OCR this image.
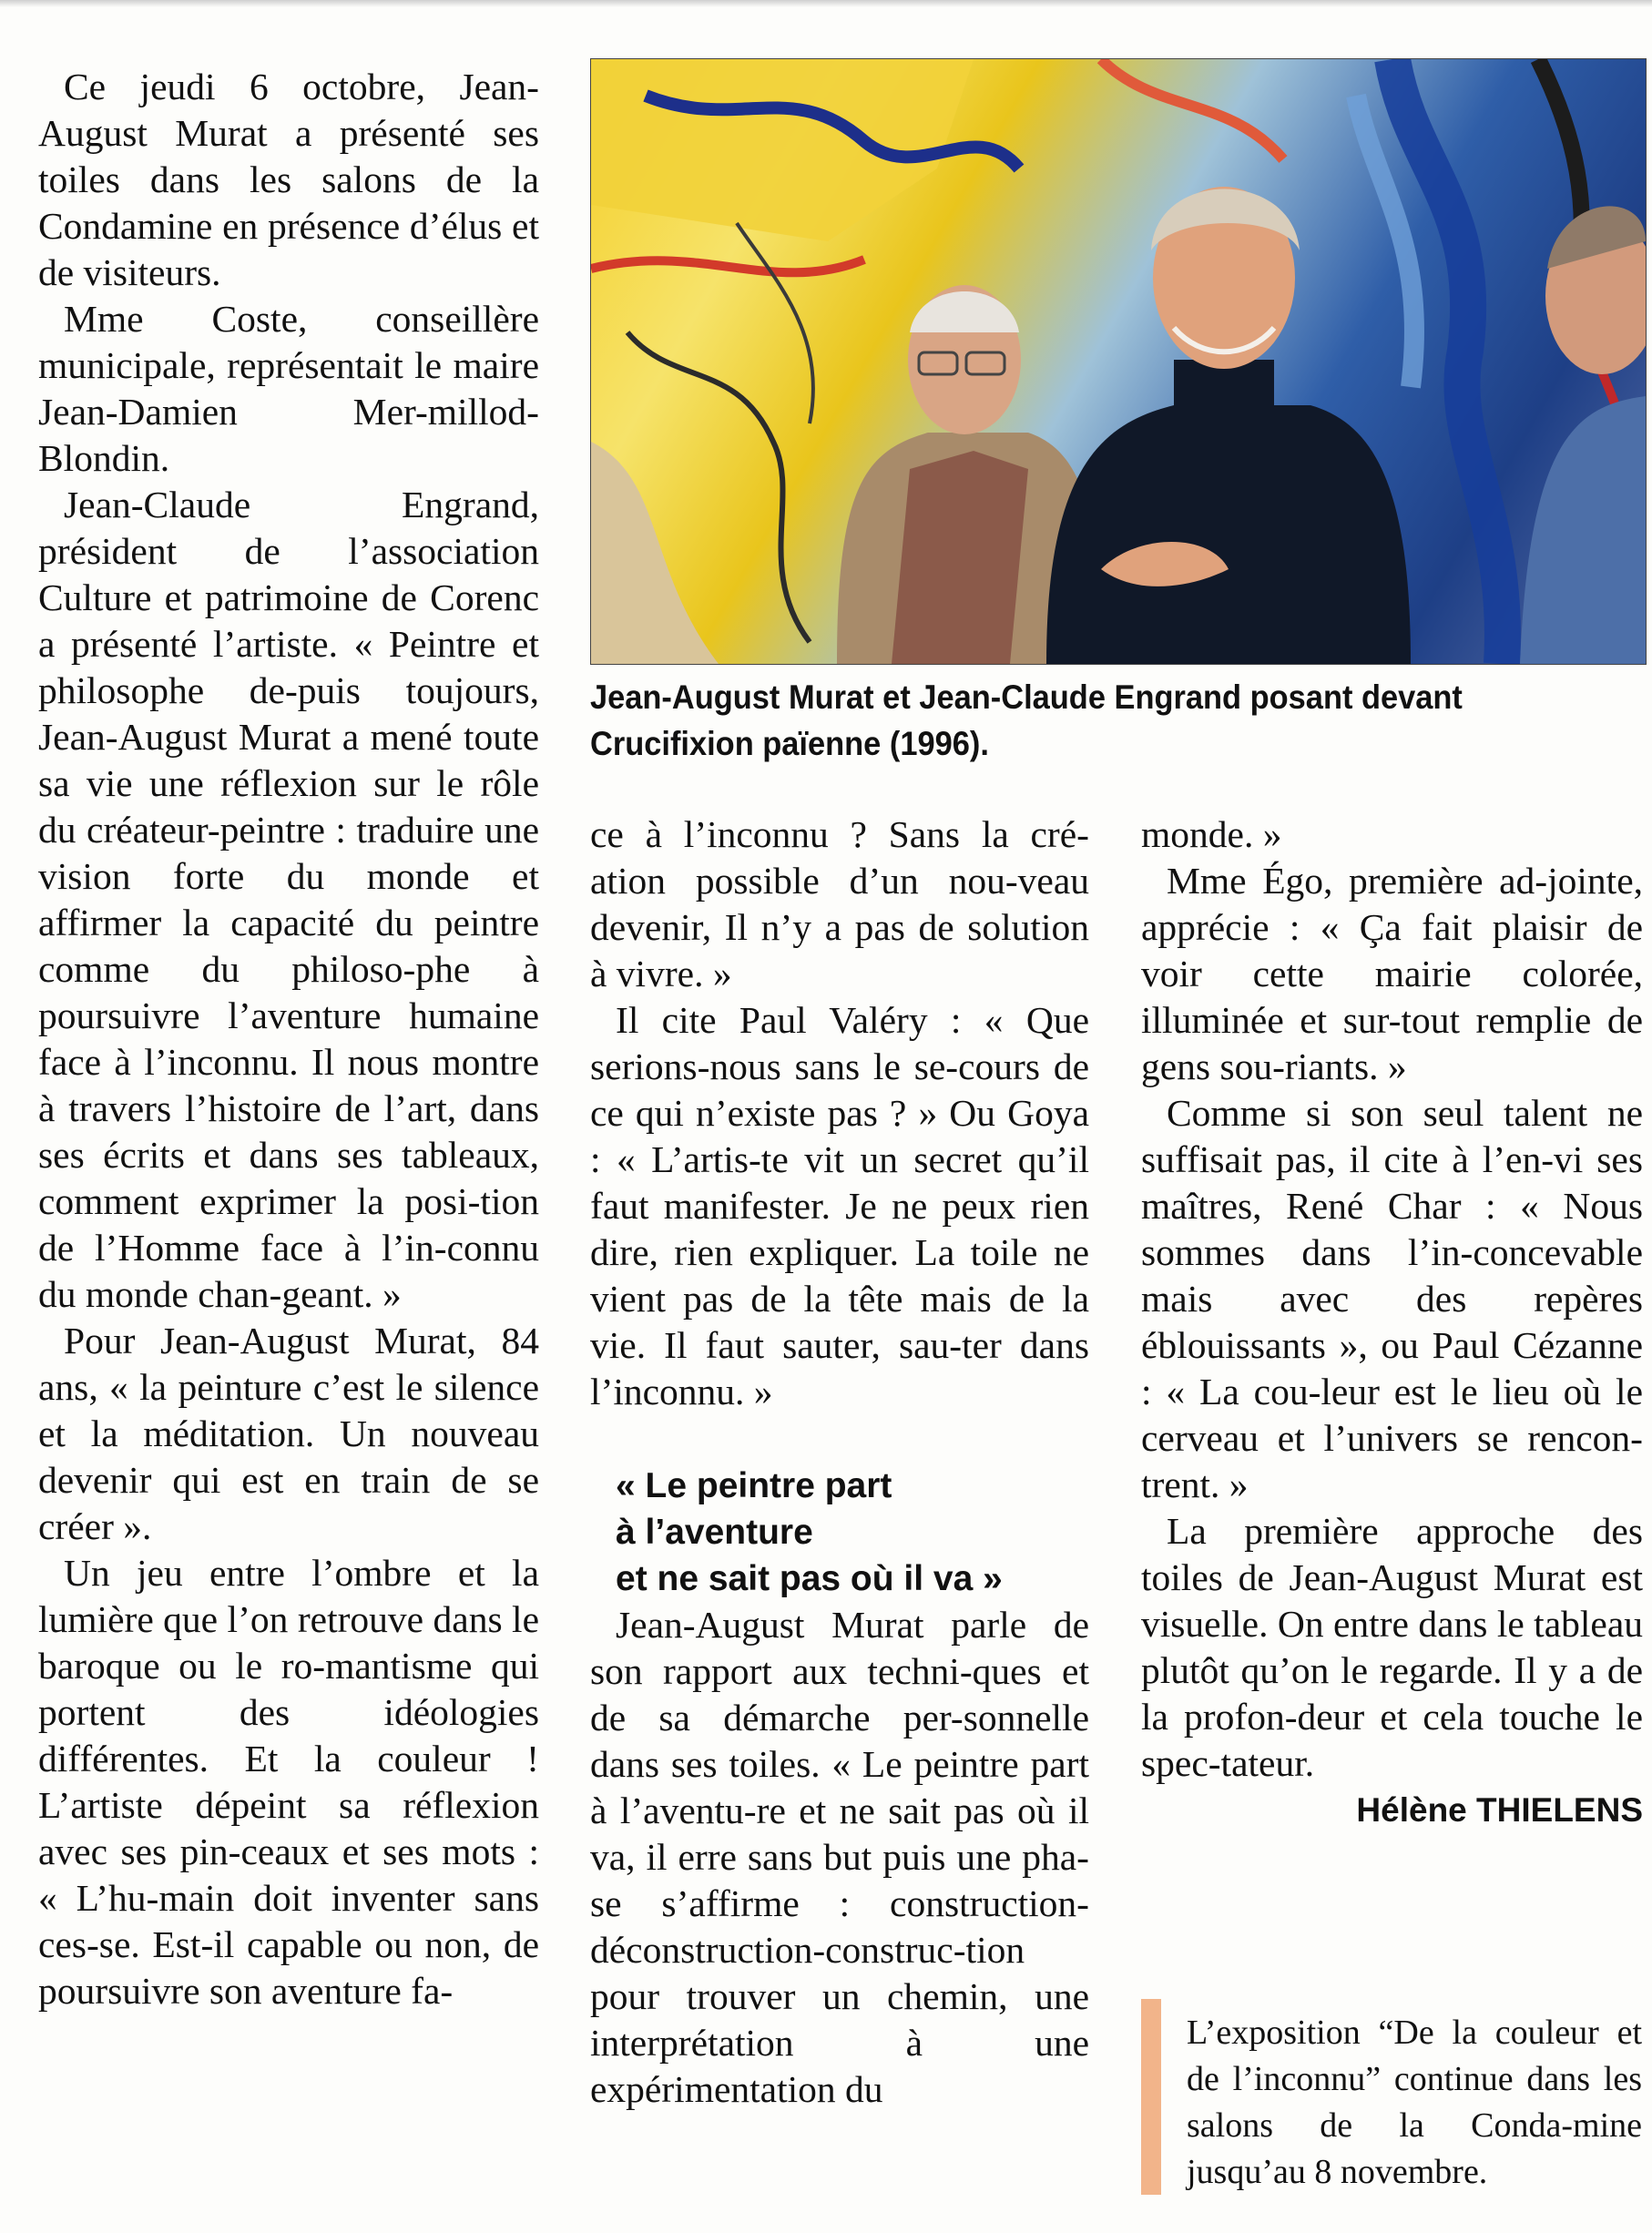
Ce jeudi 6 octobre, Jean-August Murat a présenté ses toiles dans les salons de la Condamine en présence d’élus et de visiteurs.

Mme Coste, conseillère municipale, représentait le maire Jean-Damien Mer-millod-Blondin.

Jean-Claude Engrand, président de l’association Culture et patrimoine de Corenc a présenté l’artiste. « Peintre et philosophe de-puis toujours, Jean-August Murat a mené toute sa vie une réflexion sur le rôle du créateur-peintre : traduire une vision forte du monde et affirmer la capacité du peintre comme du philoso-phe à poursuivre l’aventure humaine face à l’inconnu. Il nous montre à travers l’histoire de l’art, dans ses écrits et dans ses tableaux, comment exprimer la posi-tion de l’Homme face à l’in-connu du monde chan-geant. »

Pour Jean-August Murat, 84 ans, « la peinture c’est le silence et la méditation. Un nouveau devenir qui est en train de se créer ».

Un jeu entre l’ombre et la lumière que l’on retrouve dans le baroque ou le ro-mantisme qui portent des idéologies différentes. Et la couleur ! L’artiste dépeint sa réflexion avec ses pin-ceaux et ses mots : « L’hu-main doit inventer sans ces-se. Est-il capable ou non, de poursuivre son aventure fa-

Jean-August Murat et Jean-Claude Engrand posant devant Crucifixion païenne (1996).

ce à l’inconnu ? Sans la cré-ation possible d’un nou-veau devenir, Il n’y a pas de solution à vivre. »

Il cite Paul Valéry : « Que serions-nous sans le se-cours de ce qui n’existe pas ? » Ou Goya : « L’artis-te vit un secret qu’il faut manifester. Je ne peux rien dire, rien expliquer. La toile ne vient pas de la tête mais de la vie. Il faut sauter, sau-ter dans l’inconnu. »

« Le peintre part

à l’aventure

et ne sait pas où il va »

Jean-August Murat parle de son rapport aux techni-ques et de sa démarche per-sonnelle dans ses toiles. « Le peintre part à l’aventu-re et ne sait pas où il va, il erre sans but puis une pha-se s’affirme : construction-déconstruction-construc-tion pour trouver un chemin, une interprétation à une expérimentation du

monde. »

Mme Égo, première ad-jointe, apprécie : « Ça fait plaisir de voir cette mairie colorée, illuminée et sur-tout remplie de gens sou-riants. »

Comme si son seul talent ne suffisait pas, il cite à l’en-vi ses maîtres, René Char : « Nous sommes dans l’in-concevable mais avec des repères éblouissants », ou Paul Cézanne : « La cou-leur est le lieu où le cerveau et l’univers se rencon-trent. »

La première approche des toiles de Jean-August Murat est visuelle. On entre dans le tableau plutôt qu’on le regarde. Il y a de la profon-deur et cela touche le spec-tateur.

Hélène THIELENS

L’exposition “De la couleur et de l’inconnu” continue dans les salons de la Conda-mine jusqu’au 8 novembre.
